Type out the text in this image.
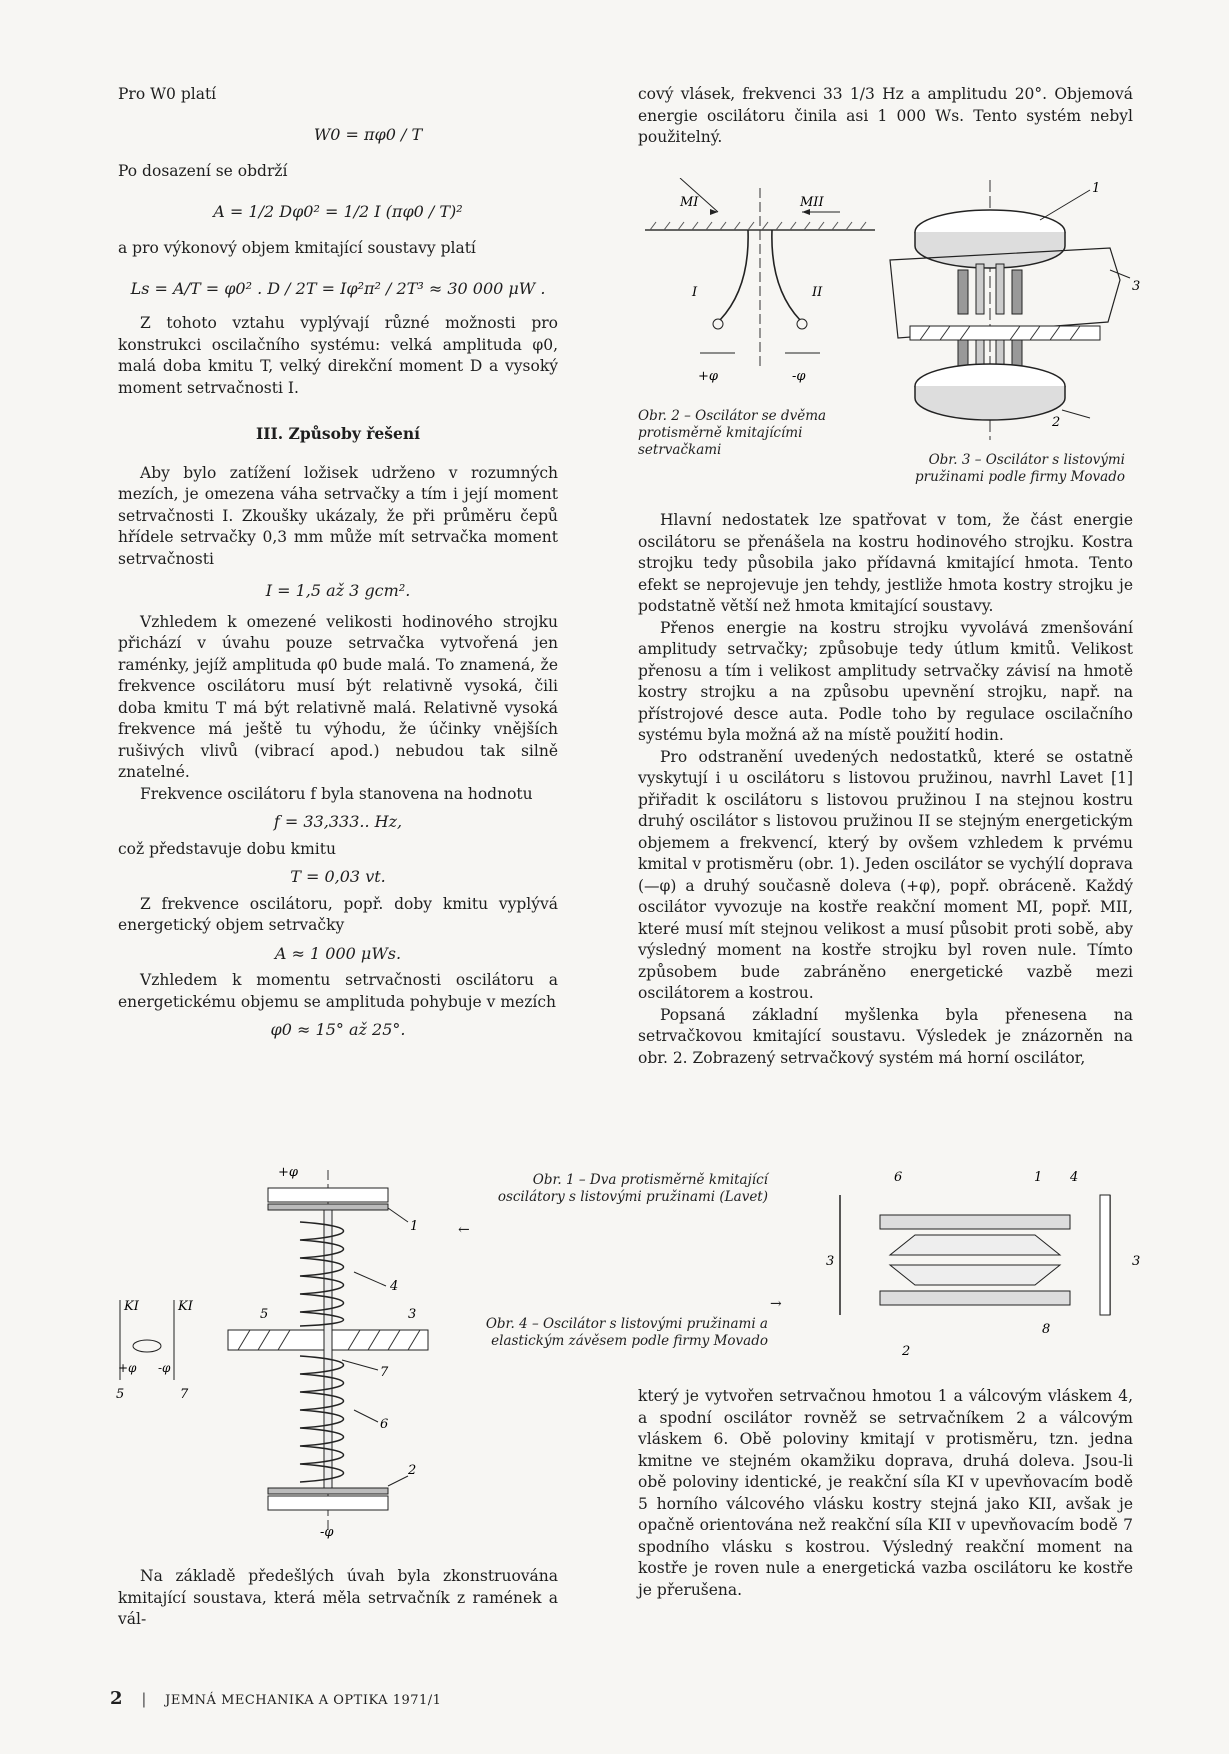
Pro W0 platí

W0 = πφ0 / T

Po dosazení se obdrží

A = 1/2 Dφ0² = 1/2 I (πφ0 / T)²

a pro výkonový objem kmitající soustavy platí

Ls = A/T = φ0² . D / 2T = Iφ²π² / 2T³ ≈ 30 000 μW .

Z tohoto vztahu vyplývají různé možnosti pro konstrukci oscilačního systému: velká amplituda φ0, malá doba kmitu T, velký direkční moment D a vysoký moment setrvačnosti I.

III. Způsoby řešení

Aby bylo zatížení ložisek udrženo v rozumných mezích, je omezena váha setrvačky a tím i její moment setrvačnosti I. Zkoušky ukázaly, že při průměru čepů hřídele setrvačky 0,3 mm může mít setrvačka moment setrvačnosti

I = 1,5 až 3 gcm².

Vzhledem k omezené velikosti hodinového strojku přichází v úvahu pouze setrvačka vytvořená jen raménky, jejíž amplituda φ0 bude malá. To znamená, že frekvence oscilátoru musí být relativně vysoká, čili doba kmitu T má být relativně malá. Relativně vysoká frekvence má ještě tu výhodu, že účinky vnějších rušivých vlivů (vibrací apod.) nebudou tak silně znatelné.

Frekvence oscilátoru f byla stanovena na hodnotu

f = 33,333.. Hz,

což představuje dobu kmitu

T = 0,03 vt.

Z frekvence oscilátoru, popř. doby kmitu vyplývá energetický objem setrvačky

A ≈ 1 000 μWs.

Vzhledem k momentu setrvačnosti oscilátoru a energetickému objemu se amplituda pohybuje v mezích

φ0 ≈ 15° až 25°.

Na základě předešlých úvah byla zkonstruována kmitající soustava, která měla setrvačník z ramének a vál-

cový vlásek, frekvenci 33 1/3 Hz a amplitudu 20°. Objemová energie oscilátoru činila asi 1 000 Ws. Tento systém nebyl použitelný.

MI	MII
I	II
+φ	-φ
Obr. 2 – Oscilátor se dvěma protisměrně kmitajícími setrvačkami
1
3
2
Obr. 3 – Oscilátor s listovými pružinami podle firmy Movado

Hlavní nedostatek lze spatřovat v tom, že část energie oscilátoru se přenášela na kostru hodinového strojku. Kostra strojku tedy působila jako přídavná kmitající hmota. Tento efekt se neprojevuje jen tehdy, jestliže hmota kostry strojku je podstatně větší než hmota kmitající soustavy.

Přenos energie na kostru strojku vyvolává zmenšování amplitudy setrvačky; způsobuje tedy útlum kmitů. Velikost přenosu a tím i velikost amplitudy setrvačky závisí na hmotě kostry strojku a na způsobu upevnění strojku, např. na přístrojové desce auta. Podle toho by regulace oscilačního systému byla možná až na místě použití hodin.

Pro odstranění uvedených nedostatků, které se ostatně vyskytují i u oscilátoru s listovou pružinou, navrhl Lavet [1] přiřadit k oscilátoru s listovou pružinou I na stejnou kostru druhý oscilátor s listovou pružinou II se stejným energetickým objemem a frekvencí, který by ovšem vzhledem k prvému kmital v protisměru (obr. 1). Jeden oscilátor se vychýlí doprava (—φ) a druhý současně doleva (+φ), popř. obráceně. Každý oscilátor vyvozuje na kostře reakční moment MI, popř. MII, které musí mít stejnou velikost a musí působit proti sobě, aby výsledný moment na kostře strojku byl roven nule. Tímto způsobem bude zabráněno energetické vazbě mezi oscilátorem a kostrou.

Popsaná základní myšlenka byla přenesena na setrvačkovou kmitající soustavu. Výsledek je znázorněn na obr. 2. Zobrazený setrvačkový systém má horní oscilátor,

+φ
KI	KI
+φ -φ
5	7
1
4
5	3
7
6
2
-φ
Obr. 1 – Dva protisměrně kmitající oscilátory s listovými pružinami (Lavet)
Obr. 4 – Oscilátor s listovými pružinami a elastickým závěsem podle firmy Movado
←
→
6	1 4
3	3
8
2

který je vytvořen setrvačnou hmotou 1 a válcovým vláskem 4, a spodní oscilátor rovněž se setrvačníkem 2 a válcovým vláskem 6. Obě poloviny kmitají v protisměru, tzn. jedna kmitne ve stejném okamžiku doprava, druhá doleva. Jsou-li obě poloviny identické, je reakční síla KI v upevňovacím bodě 5 horního válcového vlásku kostry stejná jako KII, avšak je opačně orientována než reakční síla KII v upevňovacím bodě 7 spodního vlásku s kostrou. Výsledný reakční moment na kostře je roven nule a energetická vazba oscilátoru ke kostře je přerušena.

2 | JEMNÁ MECHANIKA A OPTIKA 1971/1
